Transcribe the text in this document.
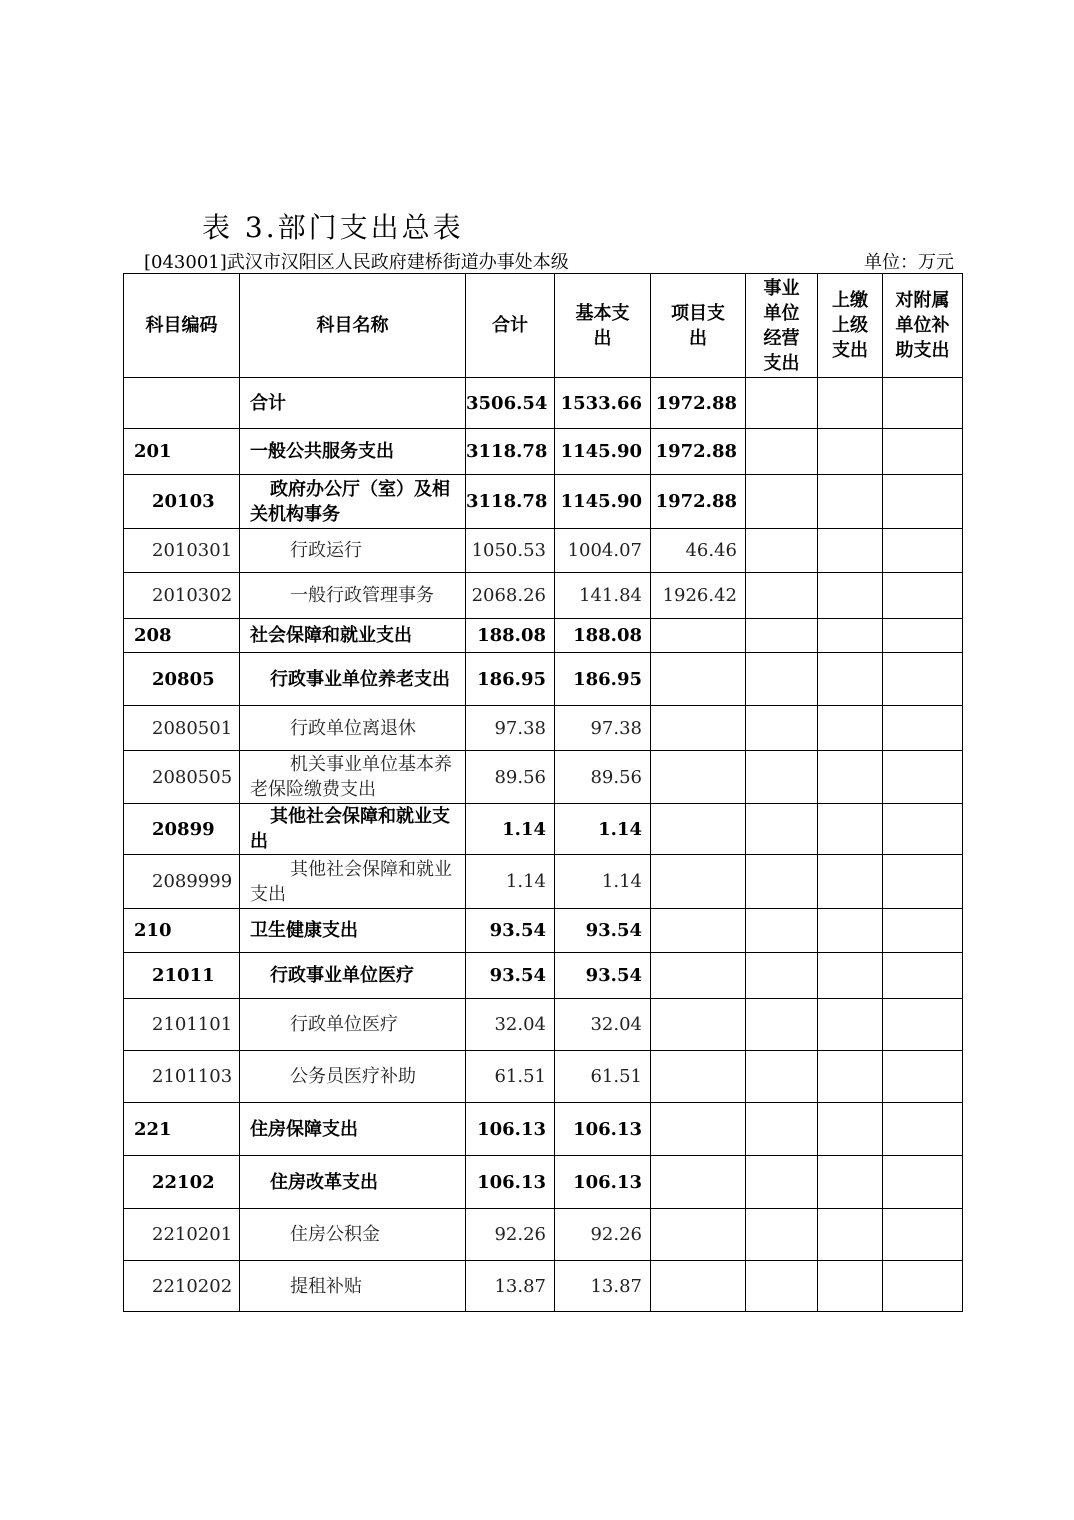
表 3.部门支出总表
[043001]武汉市汉阳区人民政府建桥街道办事处本级	单位：万元
科目编码	科目名称	合计	基本支出	项目支出	事业单位经营支出	上缴上级支出	对附属单位补助支出

	合计	3506.54	1533.66	1972.88			
201	一般公共服务支出	3118.78	1145.90	1972.88			
20103	政府办公厅（室）及相关机构事务	3118.78	1145.90	1972.88			
2010301	行政运行	1050.53	1004.07	46.46			
2010302	一般行政管理事务	2068.26	141.84	1926.42			
208	社会保障和就业支出	188.08	188.08				
20805	行政事业单位养老支出	186.95	186.95				
2080501	行政单位离退休	97.38	97.38				
2080505	机关事业单位基本养老保险缴费支出	89.56	89.56				
20899	其他社会保障和就业支出	1.14	1.14				
2089999	其他社会保障和就业支出	1.14	1.14				
210	卫生健康支出	93.54	93.54				
21011	行政事业单位医疗	93.54	93.54				
2101101	行政单位医疗	32.04	32.04				
2101103	公务员医疗补助	61.51	61.51				
221	住房保障支出	106.13	106.13				
22102	住房改革支出	106.13	106.13				
2210201	住房公积金	92.26	92.26				
2210202	提租补贴	13.87	13.87				
